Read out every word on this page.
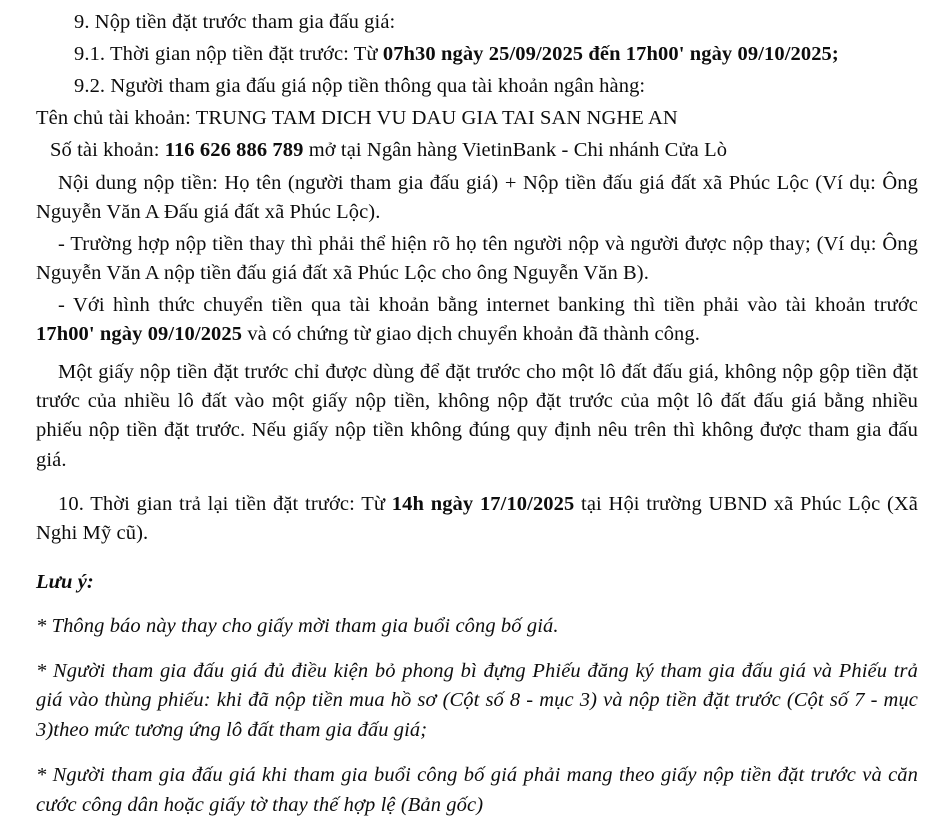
9. Nộp tiền đặt trước tham gia đấu giá:

9.1. Thời gian nộp tiền đặt trước: Từ 07h30 ngày 25/09/2025 đến 17h00' ngày 09/10/2025;

9.2. Người tham gia đấu giá nộp tiền thông qua tài khoản ngân hàng:

Tên chủ tài khoản: TRUNG TAM DICH VU DAU GIA TAI SAN NGHE AN

Số tài khoản: 116 626 886 789 mở tại Ngân hàng VietinBank - Chi nhánh Cửa Lò

Nội dung nộp tiền: Họ tên (người tham gia đấu giá) + Nộp tiền đấu giá đất xã Phúc Lộc (Ví dụ: Ông Nguyễn Văn A Đấu giá đất xã Phúc Lộc).

- Trường hợp nộp tiền thay thì phải thể hiện rõ họ tên người nộp và người được nộp thay; (Ví dụ: Ông Nguyễn Văn A nộp tiền đấu giá đất xã Phúc Lộc cho ông Nguyễn Văn B).

- Với hình thức chuyển tiền qua tài khoản bằng internet banking thì tiền phải vào tài khoản trước 17h00' ngày 09/10/2025 và có chứng từ giao dịch chuyển khoản đã thành công.

Một giấy nộp tiền đặt trước chỉ được dùng để đặt trước cho một lô đất đấu giá, không nộp gộp tiền đặt trước của nhiều lô đất vào một giấy nộp tiền, không nộp đặt trước của một lô đất đấu giá bằng nhiều phiếu nộp tiền đặt trước. Nếu giấy nộp tiền không đúng quy định nêu trên thì không được tham gia đấu giá.

10. Thời gian trả lại tiền đặt trước: Từ 14h ngày 17/10/2025 tại Hội trường UBND xã Phúc Lộc (Xã Nghi Mỹ cũ).

Lưu ý:

* Thông báo này thay cho giấy mời tham gia buổi công bố giá.

* Người tham gia đấu giá đủ điều kiện bỏ phong bì đựng Phiếu đăng ký tham gia đấu giá và Phiếu trả giá vào thùng phiếu: khi đã nộp tiền mua hồ sơ (Cột số 8 - mục 3) và nộp tiền đặt trước (Cột số 7 - mục 3)theo mức tương ứng lô đất tham gia đấu giá;

* Người tham gia đấu giá khi tham gia buổi công bố giá phải mang theo giấy nộp tiền đặt trước và căn cước công dân hoặc giấy tờ thay thế hợp lệ (Bản gốc)
